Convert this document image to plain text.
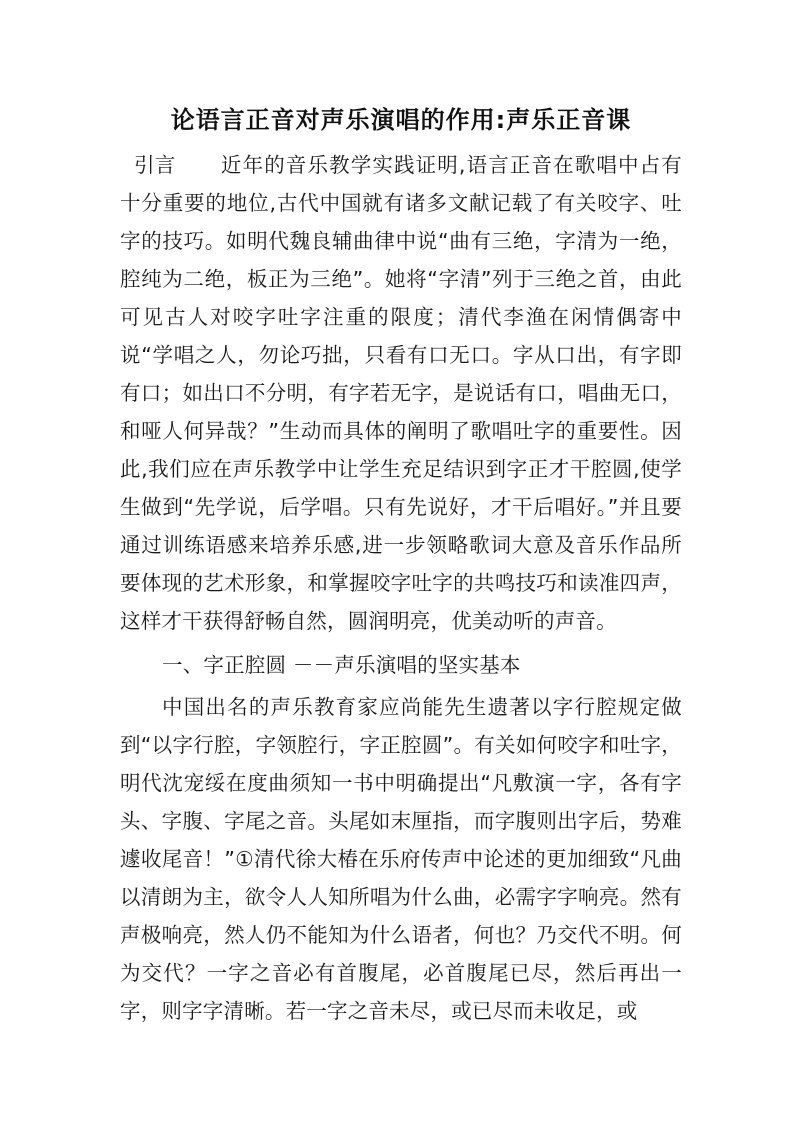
论语言正音对声乐演唱的作用:声乐正音课

引言 近年的音乐教学实践证明,语言正音在歌唱中占有十分重要的地位,古代中国就有诸多文献记载了有关咬字、吐字的技巧。如明代魏良辅曲律中说“曲有三绝，字清为一绝，腔纯为二绝，板正为三绝”。她将“字清”列于三绝之首，由此可见古人对咬字吐字注重的限度；清代李渔在闲情偶寄中说“学唱之人，勿论巧拙，只看有口无口。字从口出，有字即有口；如出口不分明，有字若无字，是说话有口，唱曲无口，和哑人何异哉？”生动而具体的阐明了歌唱吐字的重要性。因此,我们应在声乐教学中让学生充足结识到字正才干腔圆,使学生做到“先学说，后学唱。只有先说好，才干后唱好。”并且要通过训练语感来培养乐感,进一步领略歌词大意及音乐作品所要体现的艺术形象，和掌握咬字吐字的共鸣技巧和读准四声，这样才干获得舒畅自然，圆润明亮，优美动听的声音。

一、字正腔圆 －－声乐演唱的坚实基本

中国出名的声乐教育家应尚能先生遗著以字行腔规定做到“以字行腔，字领腔行，字正腔圆”。有关如何咬字和吐字，明代沈宠绥在度曲须知一书中明确提出“凡敷演一字，各有字头、字腹、字尾之音。头尾如末厘指，而字腹则出字后，势难遽收尾音！”①清代徐大椿在乐府传声中论述的更加细致“凡曲以清朗为主，欲令人人知所唱为什么曲，必需字字响亮。然有声极响亮，然人仍不能知为什么语者，何也？乃交代不明。何为交代？一字之音必有首腹尾，必首腹尾已尽，然后再出一字，则字字清晰。若一字之音未尽，或已尽而未收足，或
